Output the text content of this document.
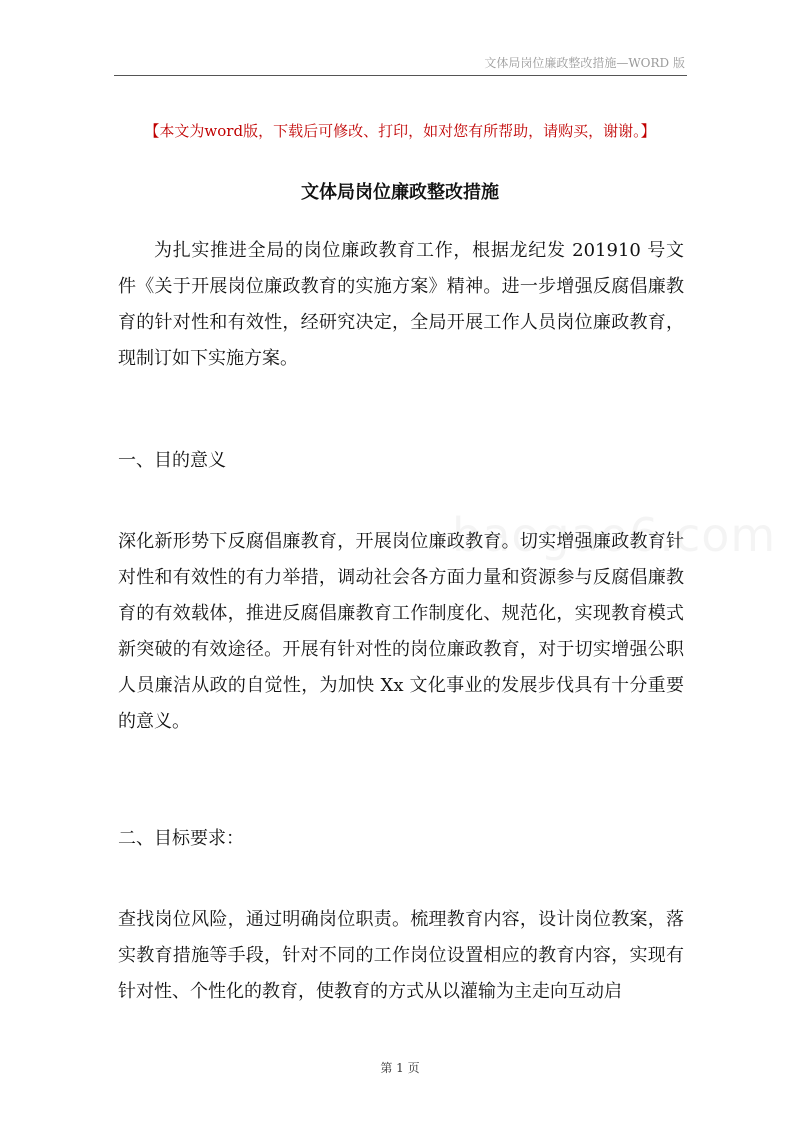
文体局岗位廉政整改措施—WORD 版
【本文为word版，下载后可修改、打印，如对您有所帮助，请购买，谢谢。】
文体局岗位廉政整改措施

为扎实推进全局的岗位廉政教育工作，根据龙纪发 201910 号文件《关于开展岗位廉政教育的实施方案》精神。进一步增强反腐倡廉教育的针对性和有效性，经研究决定，全局开展工作人员岗位廉政教育，现制订如下实施方案。

一、目的意义

深化新形势下反腐倡廉教育，开展岗位廉政教育。切实增强廉政教育针对性和有效性的有力举措，调动社会各方面力量和资源参与反腐倡廉教育的有效载体，推进反腐倡廉教育工作制度化、规范化，实现教育模式新突破的有效途径。开展有针对性的岗位廉政教育，对于切实增强公职人员廉洁从政的自觉性，为加快 Xx 文化事业的发展步伐具有十分重要的意义。

二、目标要求：

查找岗位风险，通过明确岗位职责。梳理教育内容，设计岗位教案，落实教育措施等手段，针对不同的工作岗位设置相应的教育内容，实现有针对性、个性化的教育，使教育的方式从以灌输为主走向互动启

第 1 页
